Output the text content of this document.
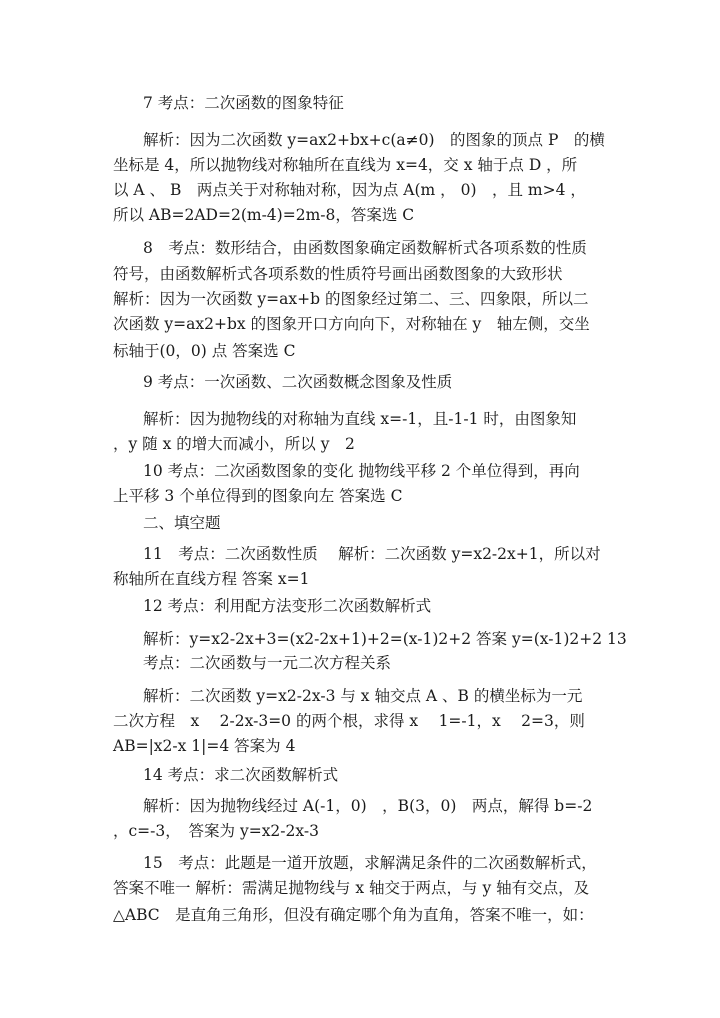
7 考点：二次函数的图象特征
解析：因为二次函数 y=ax2+bx+c(a≠0)　的图象的顶点 P　的横
坐标是 4，所以抛物线对称轴所在直线为 x=4，交 x 轴于点 D ，所
以 A 、 B　两点关于对称轴对称，因为点 A(m ， 0)　，且 m>4 ，
所以 AB=2AD=2(m-4)=2m-8，答案选 C
8　考点：数形结合，由函数图象确定函数解析式各项系数的性质
符号，由函数解析式各项系数的性质符号画出函数图象的大致形状
解析：因为一次函数 y=ax+b 的图象经过第二、三、四象限，所以二
次函数 y=ax2+bx 的图象开口方向向下，对称轴在 y　轴左侧，交坐
标轴于(0，0) 点 答案选 C
9 考点：一次函数、二次函数概念图象及性质
解析：因为抛物线的对称轴为直线 x=-1，且-1-1 时，由图象知
，y 随 x 的增大而减小，所以 y　2
10 考点：二次函数图象的变化 抛物线平移 2 个单位得到，再向
上平移 3 个单位得到的图象向左 答案选 C
二、填空题
11　考点：二次函数性质　 解析：二次函数 y=x2-2x+1，所以对
称轴所在直线方程 答案 x=1
12 考点：利用配方法变形二次函数解析式
解析：y=x2-2x+3=(x2-2x+1)+2=(x-1)2+2 答案 y=(x-1)2+2 13
考点：二次函数与一元二次方程关系
解析：二次函数 y=x2-2x-3 与 x 轴交点 A 、B 的横坐标为一元
二次方程　x　 2-2x-3=0 的两个根，求得 x　 1=-1，x　 2=3，则
AB=|x2-x 1|=4 答案为 4
14 考点：求二次函数解析式
解析：因为抛物线经过 A(-1，0)　，B(3，0)　两点，解得 b=-2
，c=-3，　答案为 y=x2-2x-3
15　考点：此题是一道开放题，求解满足条件的二次函数解析式，
答案不唯一 解析：需满足抛物线与 x 轴交于两点，与 y 轴有交点，及
△ABC　是直角三角形，但没有确定哪个角为直角，答案不唯一，如：
